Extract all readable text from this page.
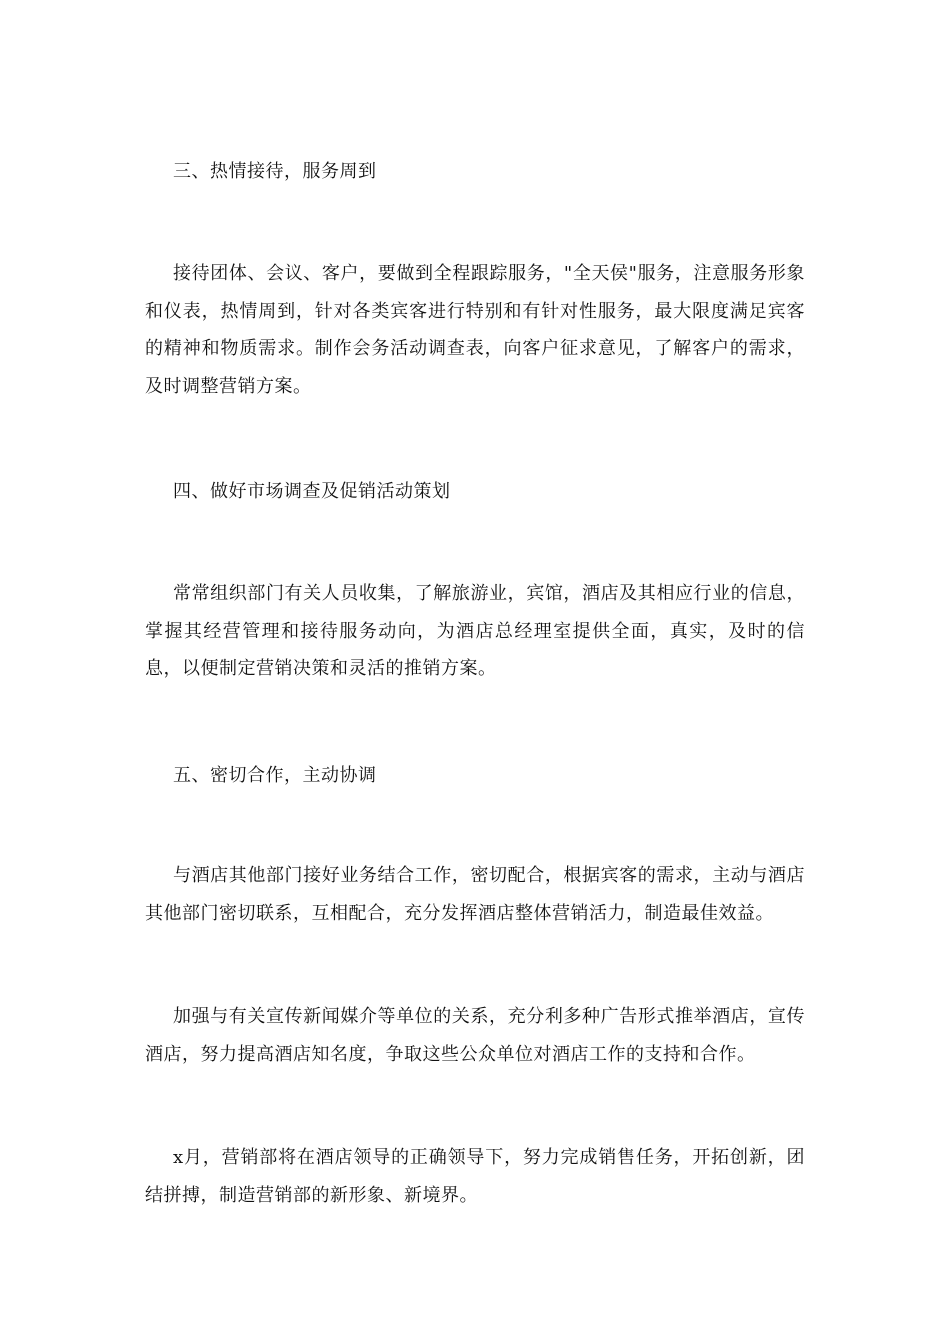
三、热情接待，服务周到

接待团体、会议、客户，要做到全程跟踪服务，"全天侯"服务，注意服务形象和仪表，热情周到，针对各类宾客进行特别和有针对性服务，最大限度满足宾客的精神和物质需求。制作会务活动调查表，向客户征求意见，了解客户的需求，及时调整营销方案。

四、做好市场调查及促销活动策划

常常组织部门有关人员收集，了解旅游业，宾馆，酒店及其相应行业的信息，掌握其经营管理和接待服务动向，为酒店总经理室提供全面，真实，及时的信息，以便制定营销决策和灵活的推销方案。

五、密切合作，主动协调

与酒店其他部门接好业务结合工作，密切配合，根据宾客的需求，主动与酒店其他部门密切联系，互相配合，充分发挥酒店整体营销活力，制造最佳效益。

加强与有关宣传新闻媒介等单位的关系，充分利多种广告形式推举酒店，宣传酒店，努力提高酒店知名度，争取这些公众单位对酒店工作的支持和合作。

x月，营销部将在酒店领导的正确领导下，努力完成销售任务，开拓创新，团结拼搏，制造营销部的新形象、新境界。
